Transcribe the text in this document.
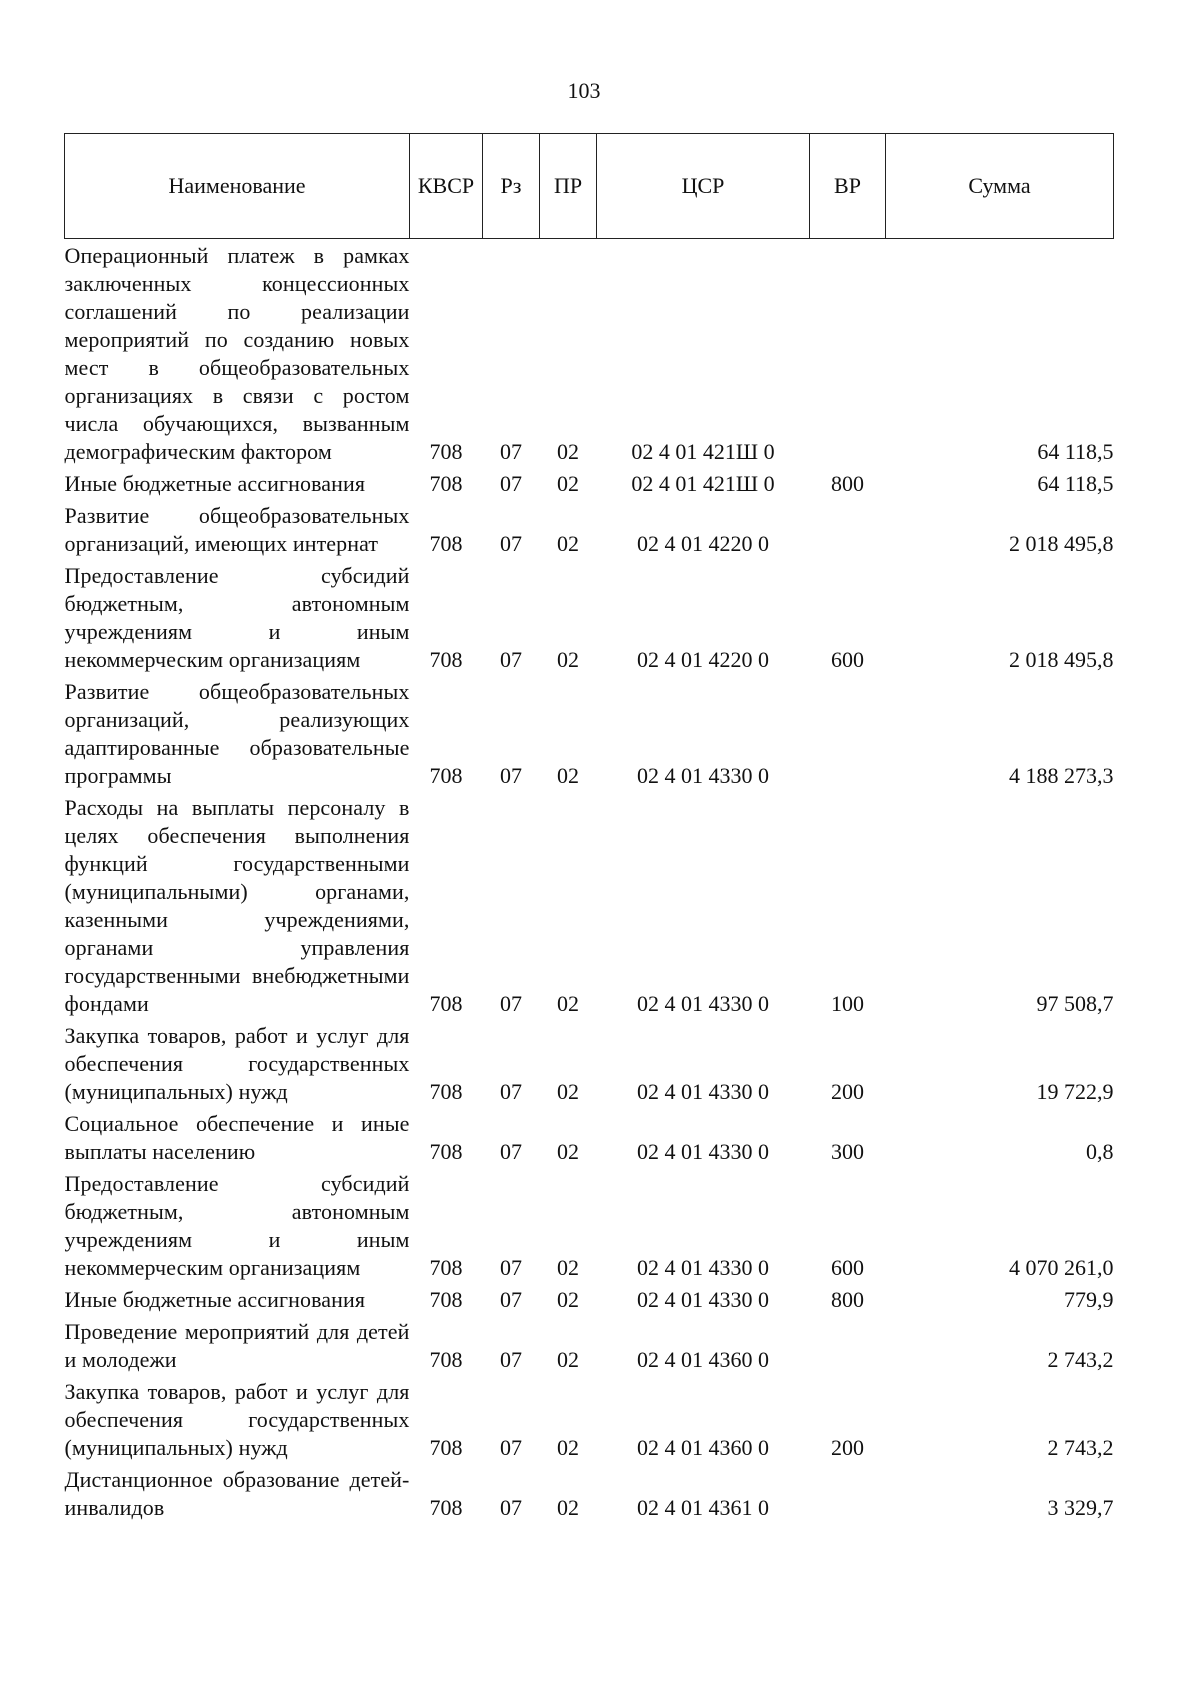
103
Наименование	КВСР	Рз	ПР	ЦСР	ВР	Сумма
Операционный платеж в рамках заключенных концессионных соглашений по реализации мероприятий по созданию новых мест в общеобразовательных организациях в связи с ростом числа обучающихся, вызванным демографическим фактором	708	07	02	02 4 01 421Ш 0		64 118,5
Иные бюджетные ассигнования	708	07	02	02 4 01 421Ш 0	800	64 118,5
Развитие общеобразовательных организаций, имеющих интернат	708	07	02	02 4 01 4220 0		2 018 495,8
Предоставление субсидий бюджетным, автономным учреждениям и иным некоммерческим организациям	708	07	02	02 4 01 4220 0	600	2 018 495,8
Развитие общеобразовательных организаций, реализующих адаптированные образовательные программы	708	07	02	02 4 01 4330 0		4 188 273,3
Расходы на выплаты персоналу в целях обеспечения выполнения функций государственными (муниципальными) органами, казенными учреждениями, органами управления государственными внебюджетными фондами	708	07	02	02 4 01 4330 0	100	97 508,7
Закупка товаров, работ и услуг для обеспечения государственных (муниципальных) нужд	708	07	02	02 4 01 4330 0	200	19 722,9
Социальное обеспечение и иные выплаты населению	708	07	02	02 4 01 4330 0	300	0,8
Предоставление субсидий бюджетным, автономным учреждениям и иным некоммерческим организациям	708	07	02	02 4 01 4330 0	600	4 070 261,0
Иные бюджетные ассигнования	708	07	02	02 4 01 4330 0	800	779,9
Проведение мероприятий для детей и молодежи	708	07	02	02 4 01 4360 0		2 743,2
Закупка товаров, работ и услуг для обеспечения государственных (муниципальных) нужд	708	07	02	02 4 01 4360 0	200	2 743,2
Дистанционное образование детей-инвалидов	708	07	02	02 4 01 4361 0		3 329,7
